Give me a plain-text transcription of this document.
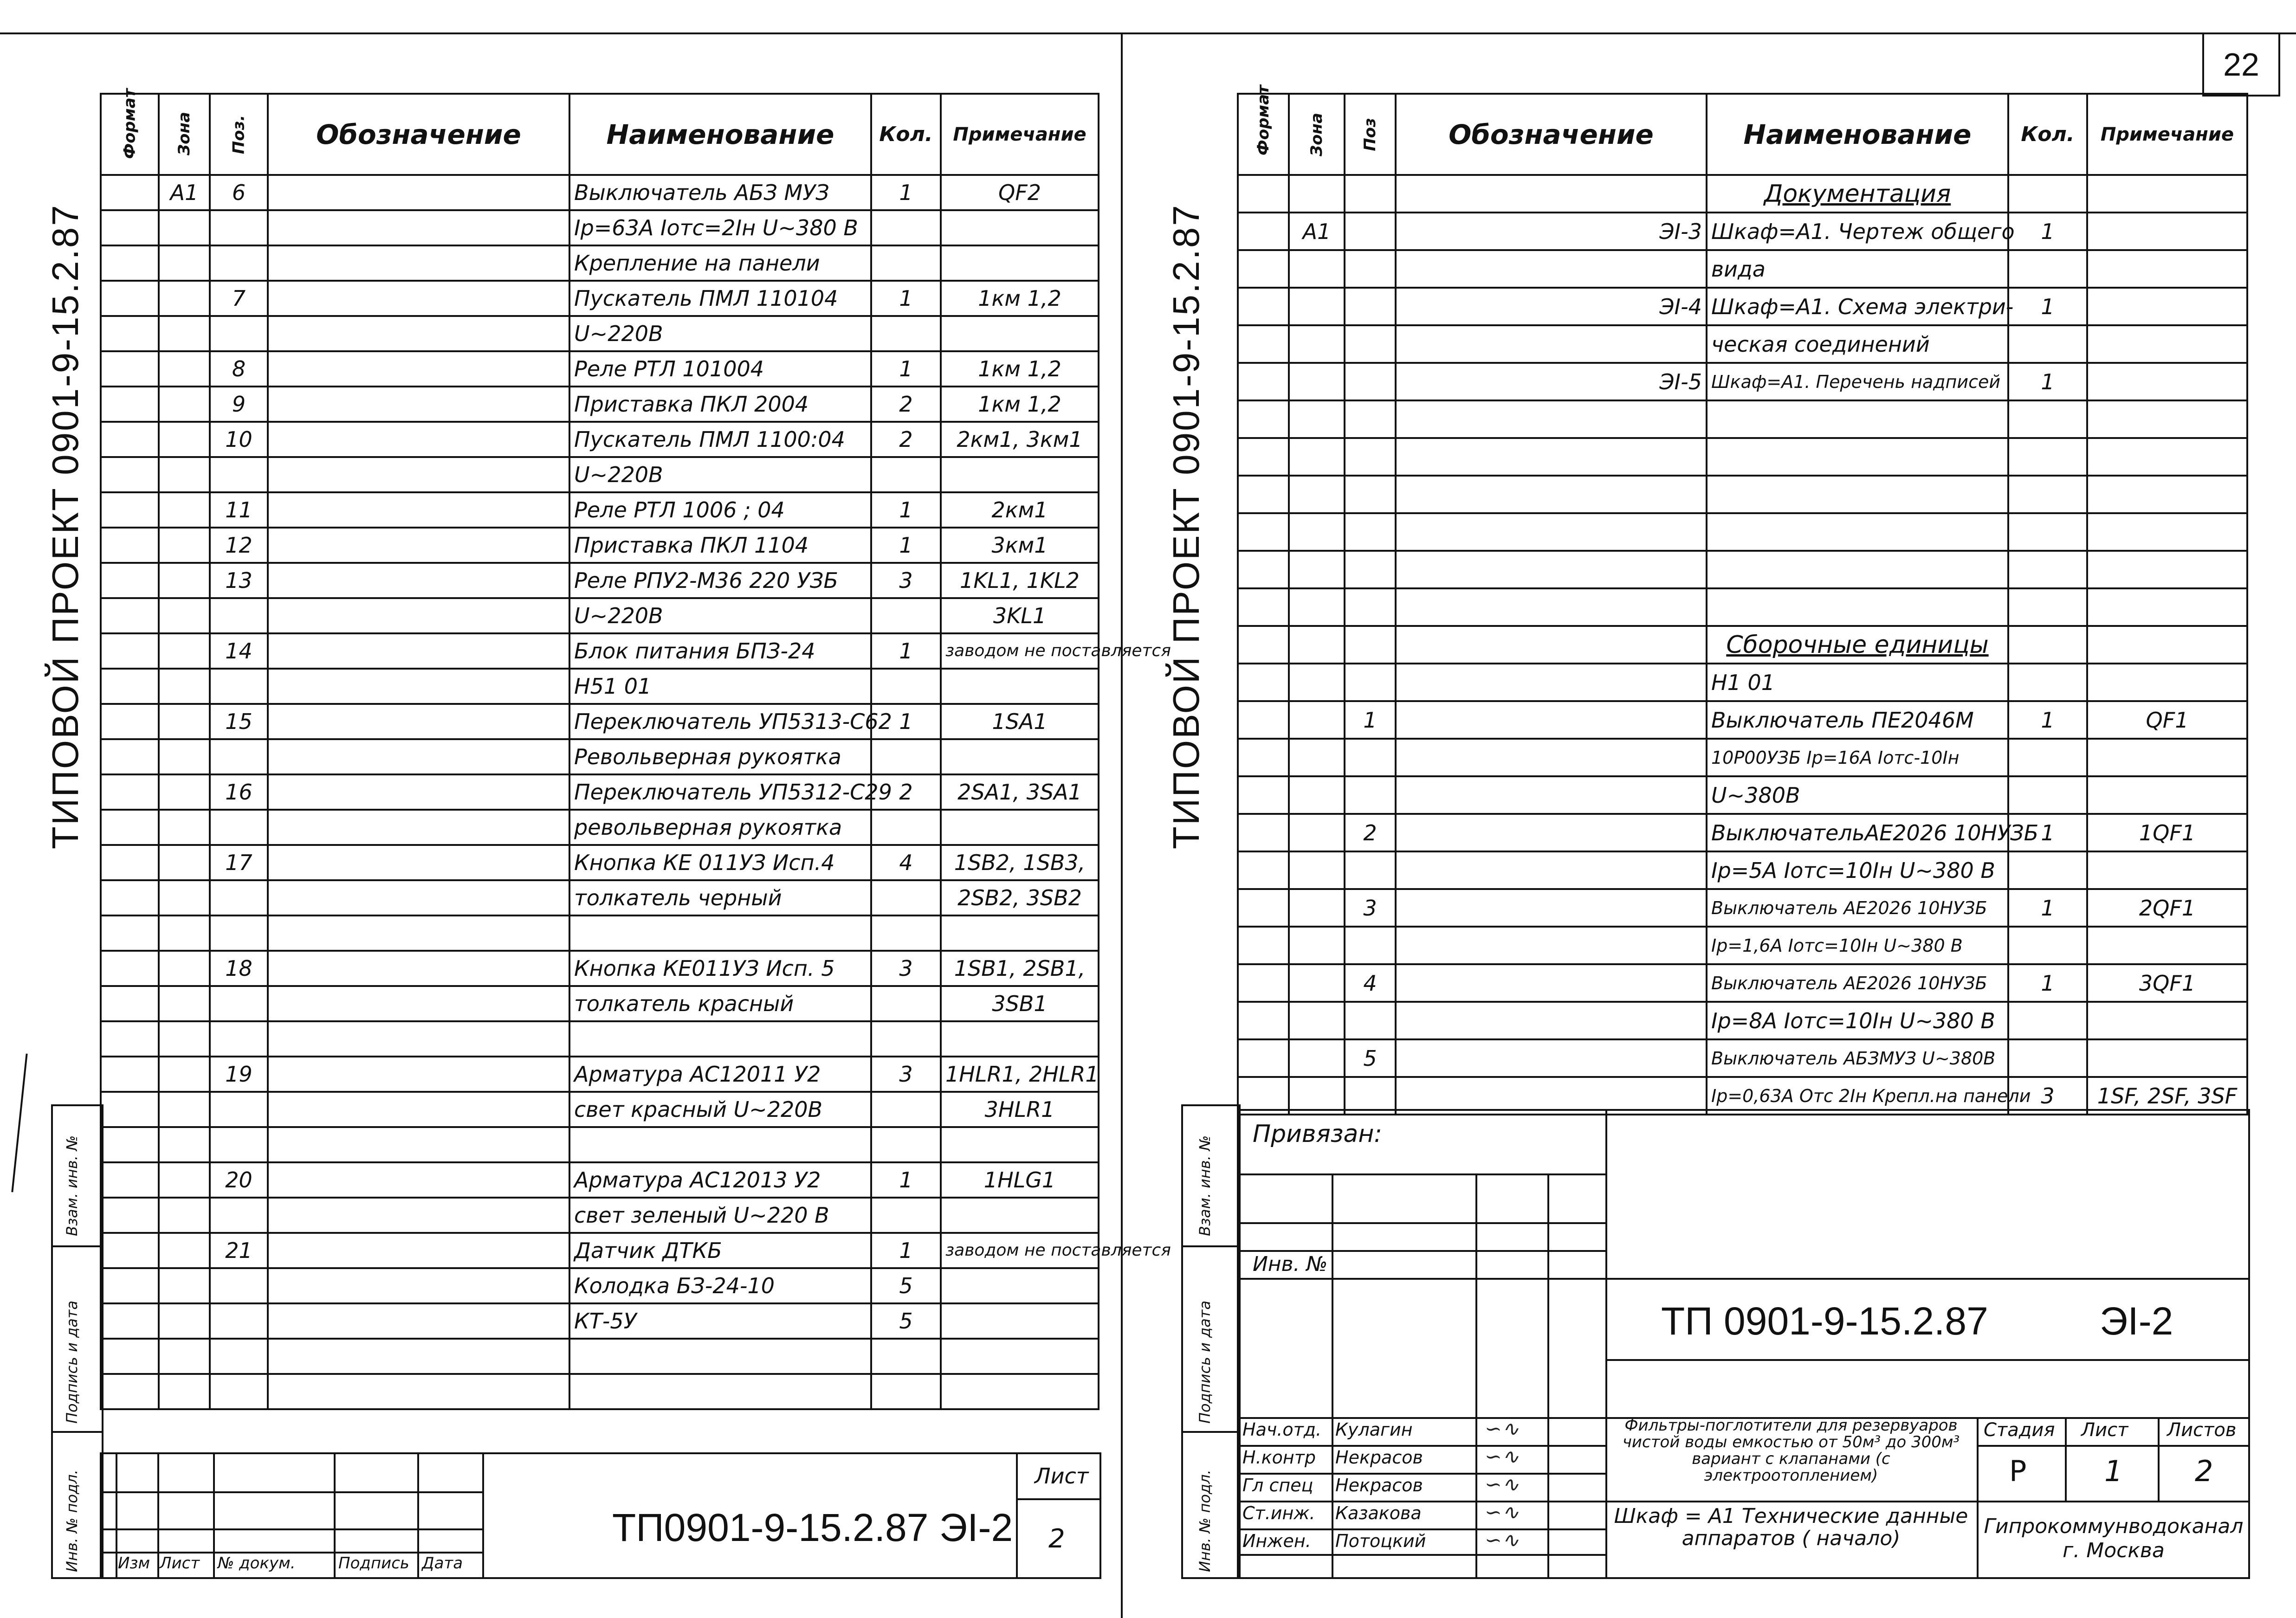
22
ТИПОВОЙ ПРОЕКТ 0901-9-15.2.87	ТИПОВОЙ ПРОЕКТ 0901-9-15.2.87
Формат	Зона	Поз.	Обозначение	Наименование	Кол.	Примечание
	A1	6		Выключатель АБЗ МУЗ	1	QF2
				Iр=63А Iотс=2Iн U~380 В		
				Крепление на панели		
		7		Пускатель ПМЛ 110104	1	1км 1,2
				U~220В		
		8		Реле РТЛ 101004	1	1км 1,2
		9		Приставка ПКЛ 2004	2	1км 1,2
		10		Пускатель ПМЛ 1100:04	2	2км1, 3км1
				U~220В		
		11		Реле РТЛ 1006 ; 04	1	2км1
		12		Приставка ПКЛ 1104	1	3км1
		13		Реле РПУ2-М36 220 УЗБ	3	1KL1, 1KL2
				U~220В		3KL1
		14		Блок питания БПЗ-24	1	заводом не поставляется
				Н51 01		
		15		Переключатель УП5313-С62	1	1SA1
				Револьверная рукоятка		
		16		Переключатель УП5312-С29	2	2SA1, 3SA1
				револьверная рукоятка		
		17		Кнопка КЕ 011УЗ Исп.4	4	1SB2, 1SB3,
				толкатель черный		2SB2, 3SB2

		18		Кнопка КЕ011УЗ Исп. 5	3	1SB1, 2SB1,
				толкатель красный		3SB1

		19		Арматура АС12011 У2	3	1HLR1, 2HLR1
				свет красный U~220В		3HLR1

		20		Арматура АС12013 У2	1	1HLG1
				свет зеленый U~220 В		
		21		Датчик ДТКБ	1	заводом не поставляется
				Колодка БЗ-24-10	5	
				КТ-5У	5	

Взам. инв. №
Подпись и дата
Инв. № подл. Изм Лист № докум.	Подпись Дата
ТП0901-9-15.2.87 ЭI-2
Лист
2
Формат	Зона	Поз	Обозначение	Наименование	Кол.	Примечание
				Документация		
	A1		ЭI-3	Шкаф=А1. Чертеж общего	1	
				вида		
			ЭI-4	Шкаф=А1. Схема электри-	1	
				ческая соединений		
			ЭI-5	Шкаф=А1. Перечень надписей	1	

				Сборочные единицы		
				Н1 01		
		1		Выключатель ПЕ2046М	1	QF1
				10Р00УЗБ Iр=16А Iотс-10Iн		
				U~380В		
		2		ВыключательАЕ2026 10НУЗБ	1	1QF1
				Iр=5А Iотс=10Iн U~380 В		
		3		Выключатель АЕ2026 10НУЗБ	1	2QF1
				Iр=1,6А Iотс=10Iн U~380 В		
		4		Выключатель АЕ2026 10НУЗБ	1	3QF1
				Iр=8А Iотс=10Iн U~380 В		
		5		Выключатель АБЗМУЗ U~380В		
				Iр=0,63А Отс 2Iн Крепл.на панели	3	1SF, 2SF, 3SF
Взам. инв. №
Подпись и дата
Инв. № подл.
Привязан:
Инв. №
ТП 0901-9-15.2.87	ЭI-2
Нач.отд. Кулагин	∽∿
Н.контр Некрасов	∽∿
Гл спец Некрасов	∽∿
Ст.инж. Казакова	∽∿
Инжен. Потоцкий	∽∿
Фильтры-поглотители для резервуаров чистой воды емкостью от 50м³ до 300м³ вариант с клапанами (с электроотоплением)
Стадия Лист Листов
Р	1	2
Шкаф = А1 Технические данные аппаратов ( начало)
Гипрокоммунводоканал г. Москва
